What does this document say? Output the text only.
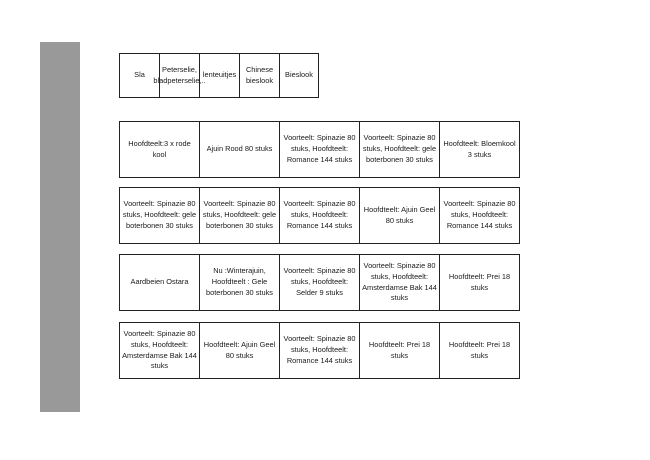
Sla
Peterselie, bladpeterselie,..
lenteuitjes
Chinese bieslook
Bieslook
Hoofdteelt:3 x rode kool
Ajuin Rood 80 stuks
Voorteelt: Spinazie 80 stuks, Hoofdteelt: Romance 144 stuks
Voorteelt: Spinazie 80 stuks, Hoofdteelt: gele boterbonen 30 stuks
Hoofdteelt: Bloemkool 3 stuks
Voorteelt: Spinazie 80 stuks, Hoofdteelt: gele boterbonen 30 stuks
Voorteelt: Spinazie 80 stuks, Hoofdteelt: gele boterbonen 30 stuks
Voorteelt: Spinazie 80 stuks, Hoofdteelt: Romance 144 stuks
Hoofdteelt: Ajuin Geel 80 stuks
Voorteelt: Spinazie 80 stuks, Hoofdteelt: Romance 144 stuks
Aardbeien Ostara
Nu :Winterajuin, Hoofdteelt : Gele boterbonen 30 stuks
Voorteelt: Spinazie 80 stuks, Hoofdteelt: Selder 9 stuks
Voorteelt: Spinazie 80 stuks, Hoofdteelt: Amsterdamse Bak 144 stuks
Hoofdteelt: Prei 18 stuks
Voorteelt: Spinazie 80 stuks, Hoofdteelt: Amsterdamse Bak 144 stuks
Hoofdteelt: Ajuin Geel 80 stuks
Voorteelt: Spinazie 80 stuks, Hoofdteelt: Romance 144 stuks
Hoofdteelt: Prei 18 stuks
Hoofdteelt: Prei 18 stuks
